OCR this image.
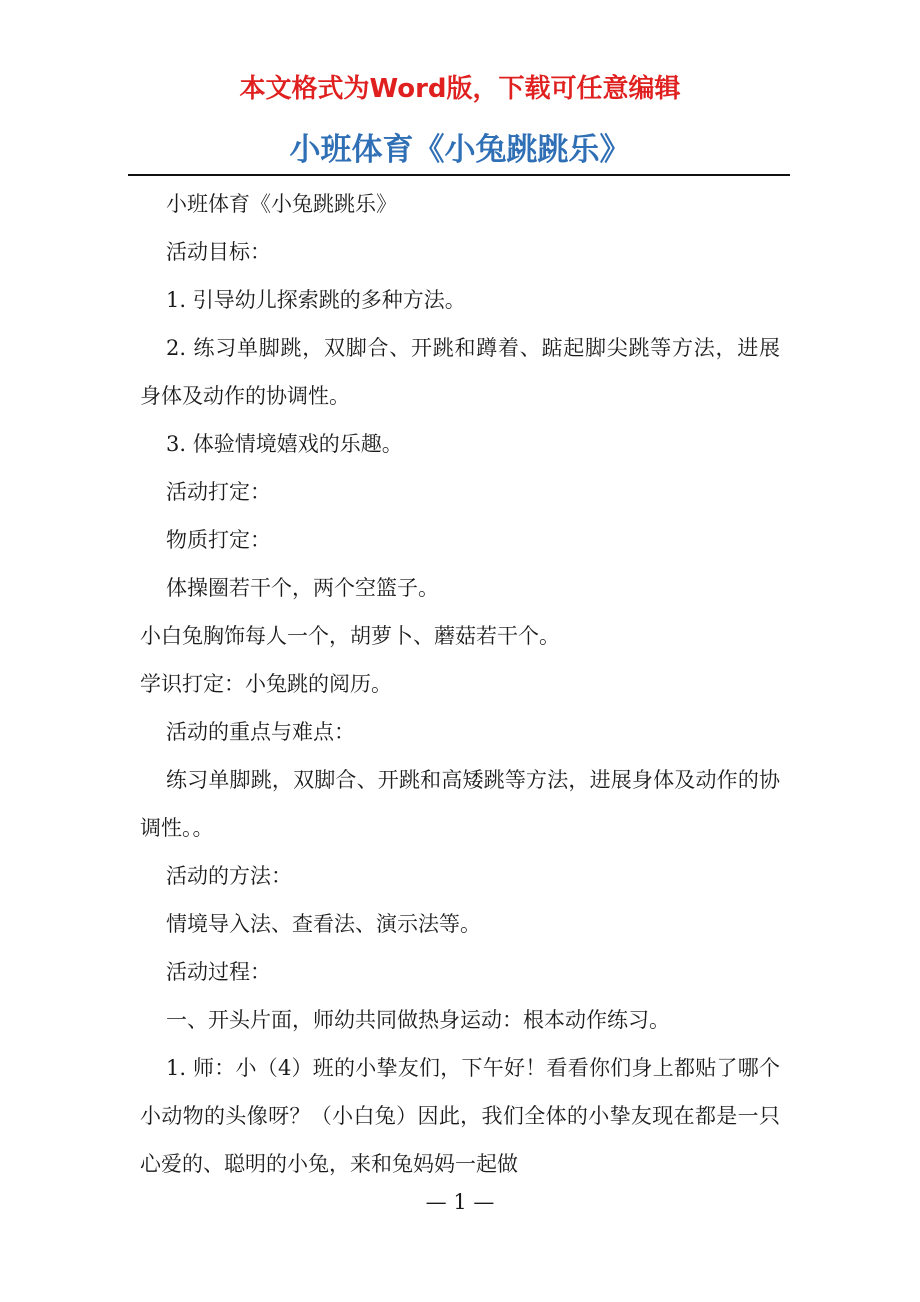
本文格式为Word版，下载可任意编辑
小班体育《小兔跳跳乐》

小班体育《小兔跳跳乐》

活动目标：

1. 引导幼儿探索跳的多种方法。

2. 练习单脚跳，双脚合、开跳和蹲着、踮起脚尖跳等方法，进展身体及动作的协调性。

3. 体验情境嬉戏的乐趣。

活动打定：

物质打定：

体操圈若干个，两个空篮子。

小白兔胸饰每人一个，胡萝卜、蘑菇若干个。

学识打定：小兔跳的阅历。

活动的重点与难点：

练习单脚跳，双脚合、开跳和高矮跳等方法，进展身体及动作的协调性。。

活动的方法：

情境导入法、查看法、演示法等。

活动过程：

一、开头片面，师幼共同做热身运动：根本动作练习。

1. 师：小（4）班的小挚友们，下午好！看看你们身上都贴了哪个小动物的头像呀？（小白兔）因此，我们全体的小挚友现在都是一只心爱的、聪明的小兔，来和兔妈妈一起做

— 1 —
